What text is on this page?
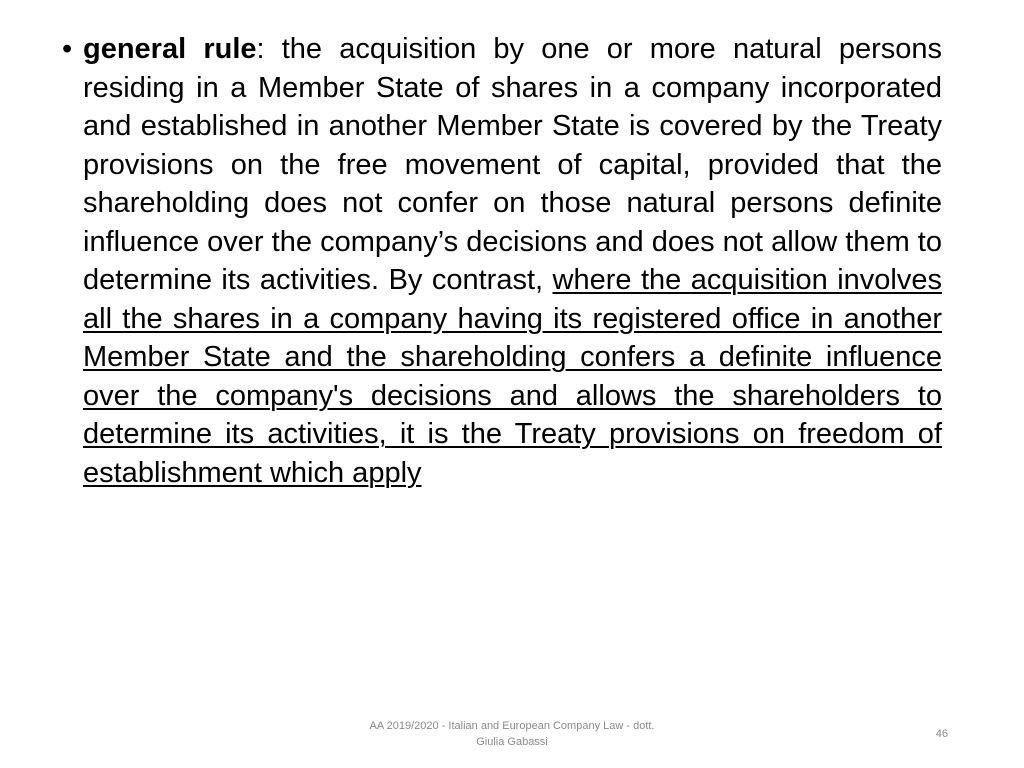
• general rule: the acquisition by one or more natural persons residing in a Member State of shares in a company incorporated and established in another Member State is covered by the Treaty provisions on the free movement of capital, provided that the shareholding does not confer on those natural persons definite influence over the company’s decisions and does not allow them to determine its activities. By contrast, where the acquisition involves all the shares in a company having its registered office in another Member State and the shareholding confers a definite influence over the company's decisions and allows the shareholders to determine its activities, it is the Treaty provisions on freedom of establishment which apply
AA 2019/2020 - Italian and European Company Law - dott. Giulia Gabassi
46
